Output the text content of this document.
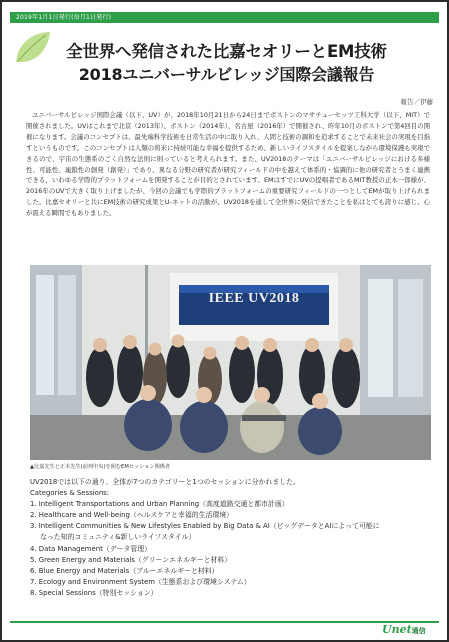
2019年1月1日発行(毎月1日発行)
全世界へ発信された比嘉セオリーとEM技術
2018ユニバーサルビレッジ国際会議報告
報告／伊藤
ユニバーサルビレッジ国際会議（以下、UV）が、2018年10月21日から24日までボストンのマサチューセッツ工科大学（以下、MIT）で開催されました。UVはこれまで北京（2013年）、ボストン（2014年）、名古屋（2016年）で開催され、昨年10月のボストンで第4回目の開催になります。会議のコンセプトは、最先端科学技術を日常生活の中に取り入れ、人間と技術の調和を追求することで未来社会の実現を目指すというものです。このコンセプトは人類の将来に持続可能な幸福を提供するため、新しいライフスタイルを提案しながら環境保護も実現できるので、宇宙の生態系のごく自然な法則に則っていると考えられます。また、UV2018のテーマは「ユニバーサルビレッジにおける多様性、可能性、連鎖性の創発（創発）」であり、異なる分野の研究者が研究フィールドの中を越えて体系的・協調的に他の研究者とうまく連携できる、いわゆる学際的プラットフォームを開発することが目的とされています。EMはすでにUVの提唱者であるMIT教授の正木一郎様が、2016年のUVで大きく取り上げましたが、今回の会議でも学際的プラットフォームの重要研究フィールドの一つとしてEMが取り上げられました。比嘉セオリーと共にEM技術の研究成果とU-ネットの活動が、UV2018を通して全世界に発信できたことを私はとても誇りに感じ、心が震える瞬間でもありました。
IEEE UV2018
▲比嘉先生と正木先生(前列中央)を囲むEMセッション関係者
UV2018では以下の通り、全体が7つのカテゴリーと1つのセッションに分かれました。
Categories & Sessions:
1. Intelligent Transportations and Urban Planning（高度道路交通と都市計画）
2. Healthcare and Well-being（ヘルスケアと幸福的生活環境）
3. Intelligent Communities & New Lifestyles Enabled by Big Data & AI（ビッグデータとAIによって可能に
なった知的コミュニティ&新しいライフスタイル）
4. Data Management（データ管理）
5. Green Energy and Materials（グリーンエネルギーと材料）
6. Blue Energy and Materials（ブルーエネルギーと材料）
7. Ecology and Environment System（生態系および環境システム）
8. Special Sessions（特別セッション）
Unet通信
